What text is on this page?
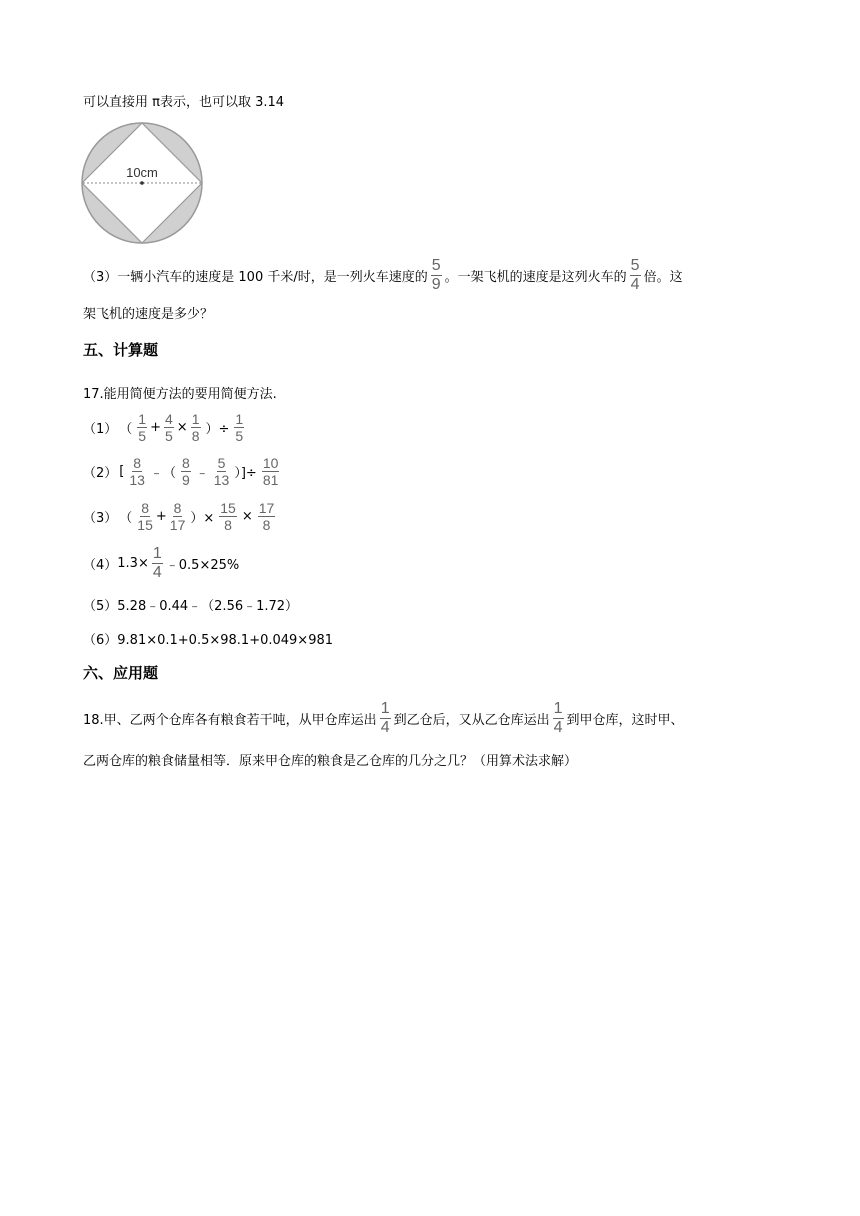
可以直接用 π表示，也可以取 3.14
10cm
（3）一辆小汽车的速度是 100 千米/时，是一列火车速度的 $\frac{5}{9}$ 。一架飞机的速度是这列火车的 $\frac{5}{4}$ 倍。这
架飞机的速度是多少？
五、计算题
17.能用简便方法的要用简便方法.
（1） （ $\frac{1}{5} + \frac{4}{5} \times \frac{1}{8}$ ）÷ $\frac{1}{5}$
（2） [ $\frac{8}{13}$ ﹣（ $\frac{8}{9}$ ﹣ $\frac{5}{13}$ ）]÷ $\frac{10}{81}$
（3） （ $\frac{8}{15} + \frac{8}{17}$ ）× $\frac{15}{8} \times \frac{17}{8}$
（4） $1.3\times \frac{1}{4}$ ﹣0.5×25%
（5）5.28﹣0.44﹣（2.56﹣1.72）
（6）9.81×0.1+0.5×98.1+0.049×981
六、应用题
18.甲、乙两个仓库各有粮食若干吨，从甲仓库运出 $\frac{1}{4}$ 到乙仓后，又从乙仓库运出 $\frac{1}{4}$ 到甲仓库，这时甲、
乙两仓库的粮食储量相等．原来甲仓库的粮食是乙仓库的几分之几？（用算术法求解）
